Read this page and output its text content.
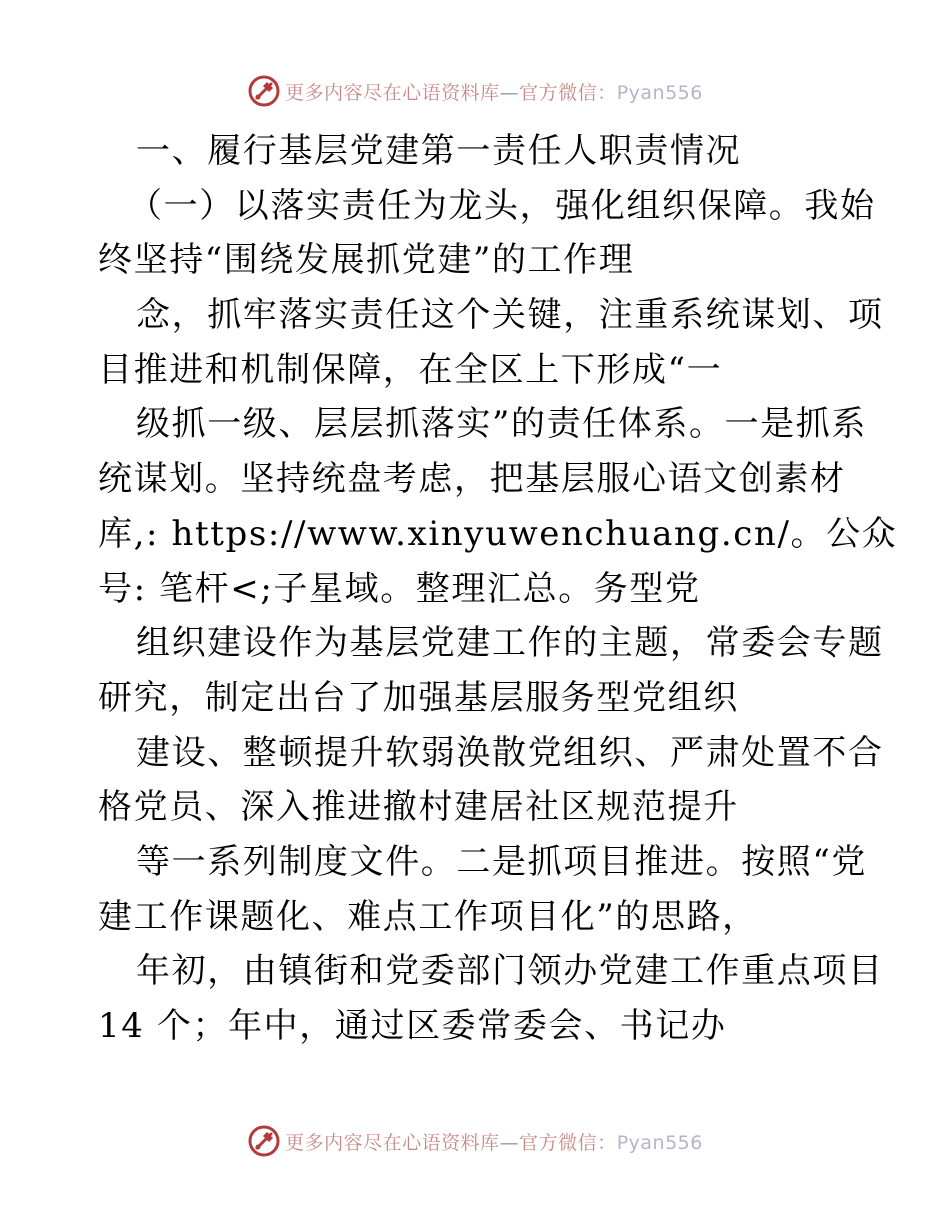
更多内容尽在心语资料库—官方微信：Pyan556
一、履行基层党建第一责任人职责情况
（一）以落实责任为龙头，强化组织保障。我始
终坚持“围绕发展抓党建”的工作理
念，抓牢落实责任这个关键，注重系统谋划、项
目推进和机制保障，在全区上下形成“一
级抓一级、层层抓落实”的责任体系。一是抓系
统谋划。坚持统盘考虑，把基层服心语文创素材
库,: https://www.xinyuwenchuang.cn/。公众
号: 笔杆<;子星域。整理汇总。务型党
组织建设作为基层党建工作的主题，常委会专题
研究，制定出台了加强基层服务型党组织
建设、整顿提升软弱涣散党组织、严肃处置不合
格党员、深入推进撤村建居社区规范提升
等一系列制度文件。二是抓项目推进。按照“党
建工作课题化、难点工作项目化”的思路，
年初，由镇街和党委部门领办党建工作重点项目
14 个；年中，通过区委常委会、书记办
更多内容尽在心语资料库—官方微信：Pyan556
